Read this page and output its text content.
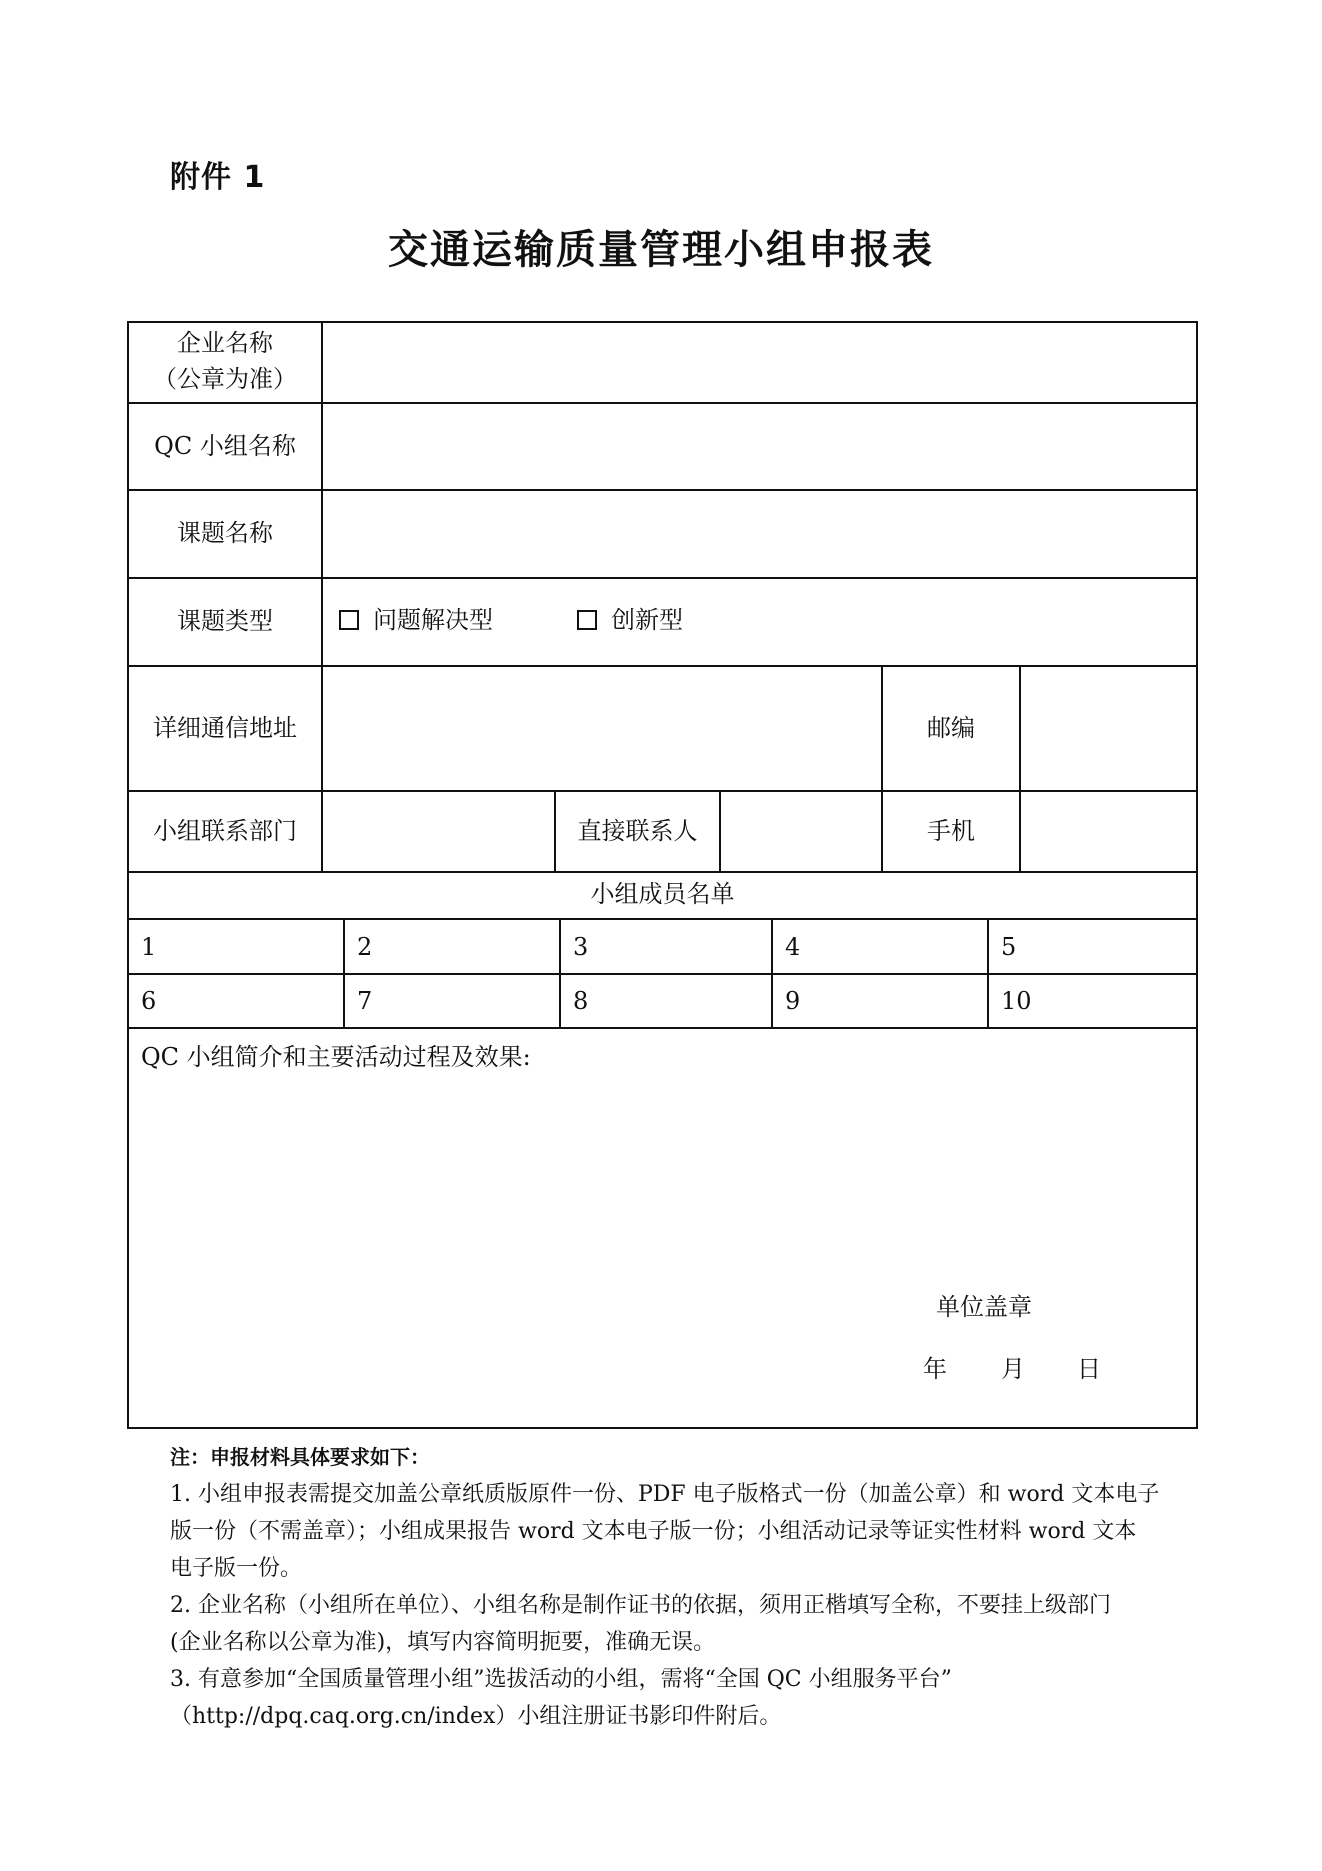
附件 1
交通运输质量管理小组申报表
企业名称
（公章为准）
QC 小组名称
课题名称
课题类型	问题解决型	创新型
详细通信地址	邮编
小组联系部门	直接联系人	手机
小组成员名单
1	2	3	4	5
6	7	8	9	10
QC 小组简介和主要活动过程及效果:
单位盖章
年 月 日
注：申报材料具体要求如下：
1. 小组申报表需提交加盖公章纸质版原件一份、PDF 电子版格式一份（加盖公章）和 word 文本电子
版一份（不需盖章）；小组成果报告 word 文本电子版一份；小组活动记录等证实性材料 word 文本
电子版一份。
2. 企业名称（小组所在单位）、小组名称是制作证书的依据，须用正楷填写全称，不要挂上级部门
(企业名称以公章为准)，填写内容简明扼要，准确无误。
3. 有意参加“全国质量管理小组”选拔活动的小组，需将“全国 QC 小组服务平台”
（http://dpq.caq.org.cn/index）小组注册证书影印件附后。
